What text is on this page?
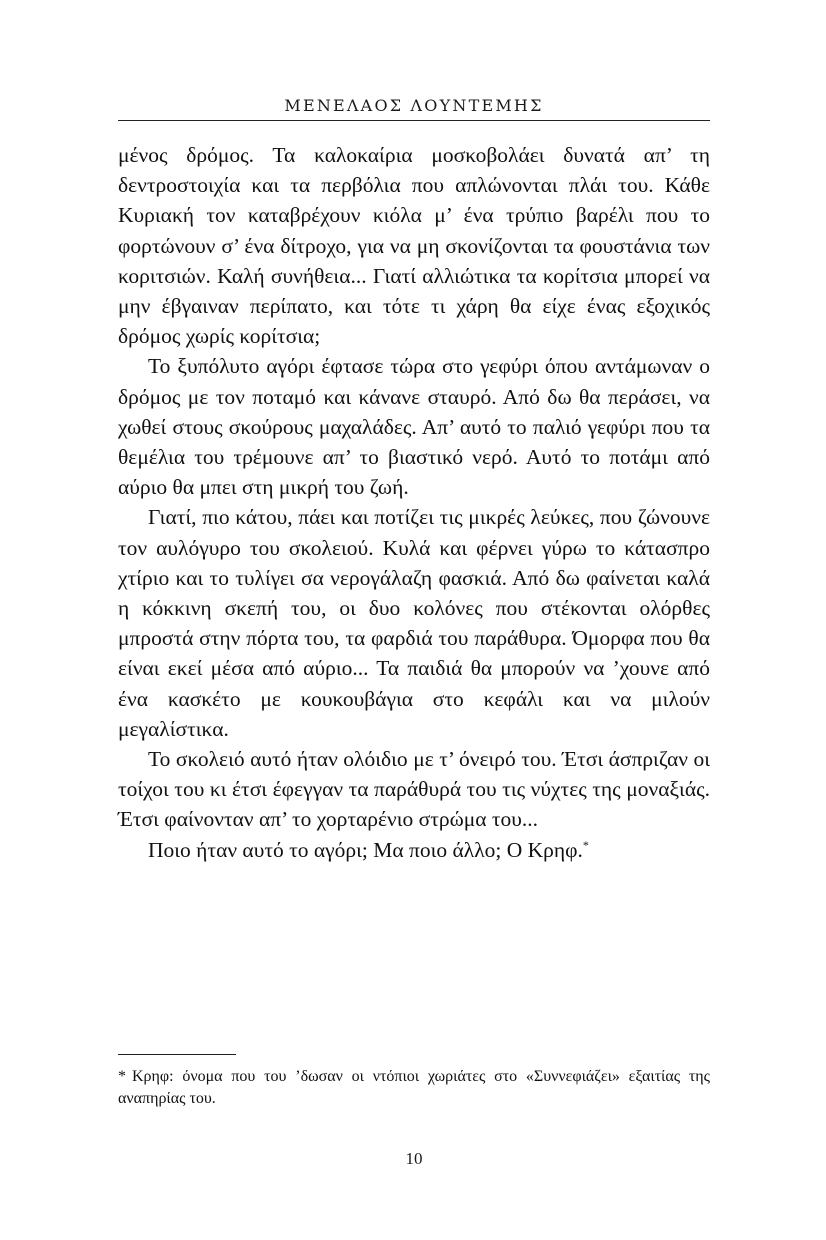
ΜΕΝΕΛΑΟΣ ΛΟΥΝΤΕΜΗΣ

μένος δρόμος. Τα καλοκαίρια μοσκοβολάει δυνατά απ’ τη δεντροστοιχία και τα περβόλια που απλώνονται πλάι του. Κάθε Κυριακή τον καταβρέχουν κιόλα μ’ ένα τρύπιο βαρέλι που το φορτώνουν σ’ ένα δίτροχο, για να μη σκονίζονται τα φουστάνια των κοριτσιών. Καλή συνήθεια... Γιατί αλλιώτικα τα κορίτσια μπορεί να μην έβγαιναν περίπατο, και τότε τι χάρη θα είχε ένας εξοχικός δρόμος χωρίς κορίτσια;

Το ξυπόλυτο αγόρι έφτασε τώρα στο γεφύρι όπου αντάμωναν ο δρόμος με τον ποταμό και κάνανε σταυρό. Από δω θα περάσει, να χωθεί στους σκούρους μαχαλάδες. Απ’ αυτό το παλιό γεφύρι που τα θεμέλια του τρέμουνε απ’ το βιαστικό νερό. Αυτό το ποτάμι από αύριο θα μπει στη μικρή του ζωή.

Γιατί, πιο κάτου, πάει και ποτίζει τις μικρές λεύκες, που ζώνουνε τον αυλόγυρο του σκολειού. Κυλά και φέρνει γύρω το κάτασπρο χτίριο και το τυλίγει σα νερογάλαζη φασκιά. Από δω φαίνεται καλά η κόκκινη σκεπή του, οι δυο κολόνες που στέκονται ολόρθες μπροστά στην πόρτα του, τα φαρδιά του παράθυρα. Όμορφα που θα είναι εκεί μέσα από αύριο... Τα παιδιά θα μπορούν να ’χουνε από ένα κασκέτο με κουκουβάγια στο κεφάλι και να μιλούν μεγαλίστικα.

Το σκολειό αυτό ήταν ολόιδιο με τ’ όνειρό του. Έτσι άσπριζαν οι τοίχοι του κι έτσι έφεγγαν τα παράθυρά του τις νύχτες της μοναξιάς. Έτσι φαίνονταν απ’ το χορταρένιο στρώμα του...

Ποιο ήταν αυτό το αγόρι; Μα ποιο άλλο; Ο Κρηφ.*

* Κρηφ: όνομα που του ’δωσαν οι ντόπιοι χωριάτες στο «Συννεφιάζει» εξαιτίας της αναπηρίας του.
10
